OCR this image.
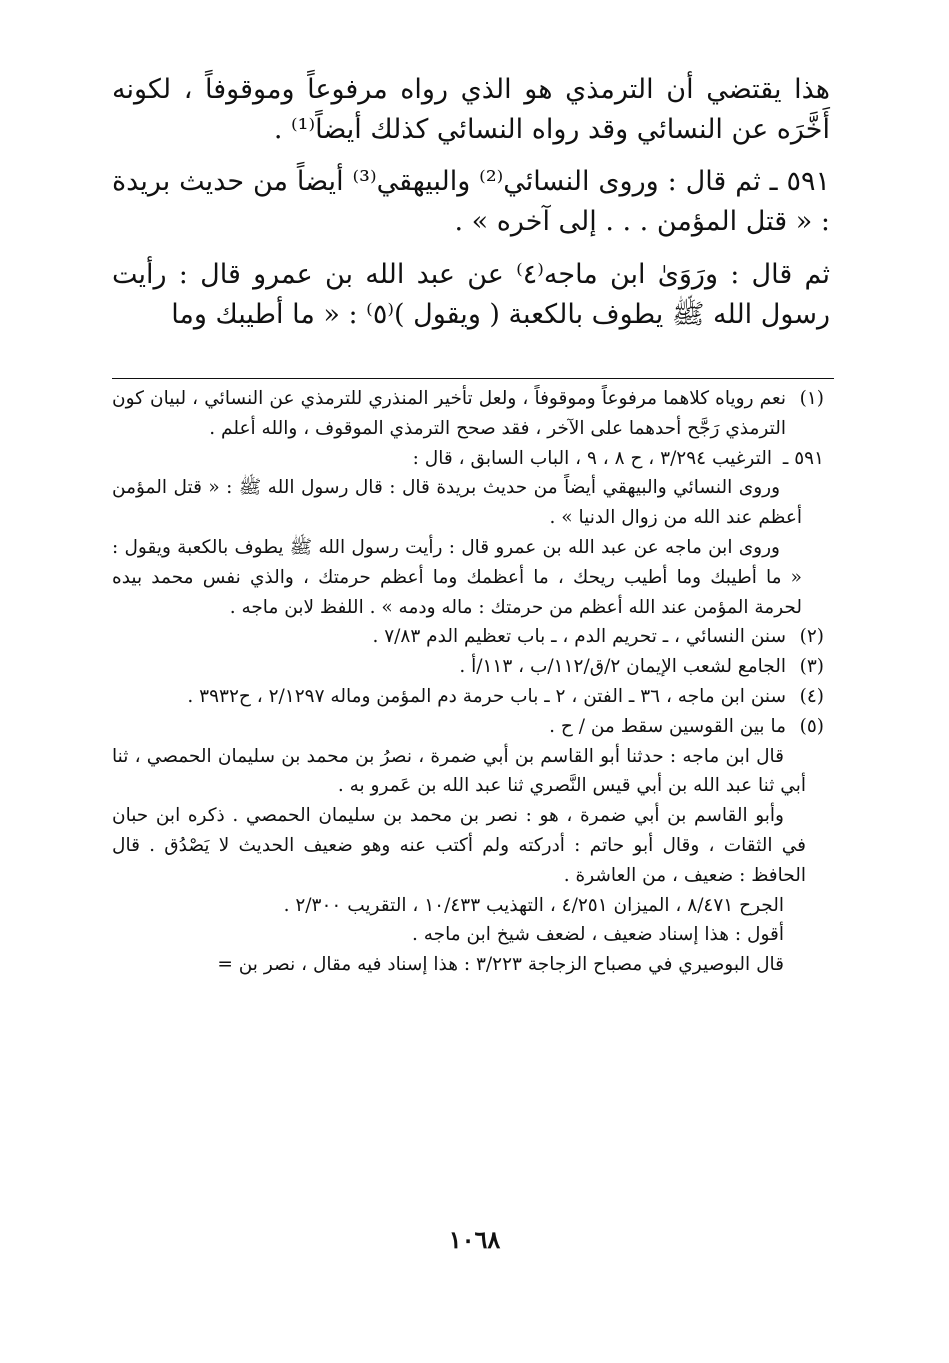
هذا يقتضي أن الترمذي هو الذي رواه مرفوعاً وموقوفاً ، لكونه أَخَّرَه عن النسائي وقد رواه النسائي كذلك أيضاً⁽¹⁾ .

٥٩١ ـ ثم قال : وروى النسائي⁽²⁾ والبيهقي⁽³⁾ أيضاً من حديث بريدة : « قتل المؤمن . . . إلى آخره » .

ثم قال : ورَوَىٰ ابن ماجه⁽٤⁾ عن عبد الله بن عمرو قال : رأيت رسول الله ﷺ يطوف بالكعبة ( ويقول )⁽٥⁾ : « ما أطيبك وما

(١)

نعم روياه كلاهما مرفوعاً وموقوفاً ، ولعل تأخير المنذري للترمذي عن النسائي ، لبيان كون الترمذي رَجَّح أحدهما على الآخر ، فقد صحح الترمذي الموقوف ، والله أعلم .

٥٩١ ـ

الترغيب ٣/٢٩٤ ، ح ٨ ، ٩ ، الباب السابق ، قال :

وروى النسائي والبيهقي أيضاً من حديث بريدة قال : قال رسول الله ﷺ : « قتل المؤمن أعظم عند الله من زوال الدنيا » .

وروى ابن ماجه عن عبد الله بن عمرو قال : رأيت رسول الله ﷺ يطوف بالكعبة ويقول : « ما أطيبك وما أطيب ريحك ، ما أعظمك وما أعظم حرمتك ، والذي نفس محمد بيده لحرمة المؤمن عند الله أعظم من حرمتك : ماله ودمه » . اللفظ لابن ماجه .

(٢)

سنن النسائي ، ـ تحريم الدم ، ـ باب تعظيم الدم ٧/٨٣ .

(٣)

الجامع لشعب الإيمان ٢/ق/١١٢/ب ، ١١٣/أ .

(٤)

سنن ابن ماجه ، ٣٦ ـ الفتن ، ٢ ـ باب حرمة دم المؤمن وماله ٢/١٢٩٧ ، ح٣٩٣٢ .

(٥)

ما بين القوسين سقط من / ح .

قال ابن ماجه : حدثنا أبو القاسم بن أبي ضمرة ، نصرُ بن محمد بن سليمان الحمصي ، ثنا أبي ثنا عبد الله بن أبي قيس النَّصري ثنا عبد الله بن عَمرو به .

وأبو القاسم بن أبي ضمرة ، هو : نصر بن محمد بن سليمان الحمصي . ذكره ابن حبان في الثقات ، وقال أبو حاتم : أدركته ولم أكتب عنه وهو ضعيف الحديث لا يَصْدُق . قال الحافظ : ضعيف ، من العاشرة .

الجرح ٨/٤٧١ ، الميزان ٤/٢٥١ ، التهذيب ١٠/٤٣٣ ، التقريب ٢/٣٠٠ .

أقول : هذا إسناد ضعيف ، لضعف شيخ ابن ماجه .

قال البوصيري في مصباح الزجاجة ٣/٢٢٣ : هذا إسناد فيه مقال ، نصر بن =

١٠٦٨
